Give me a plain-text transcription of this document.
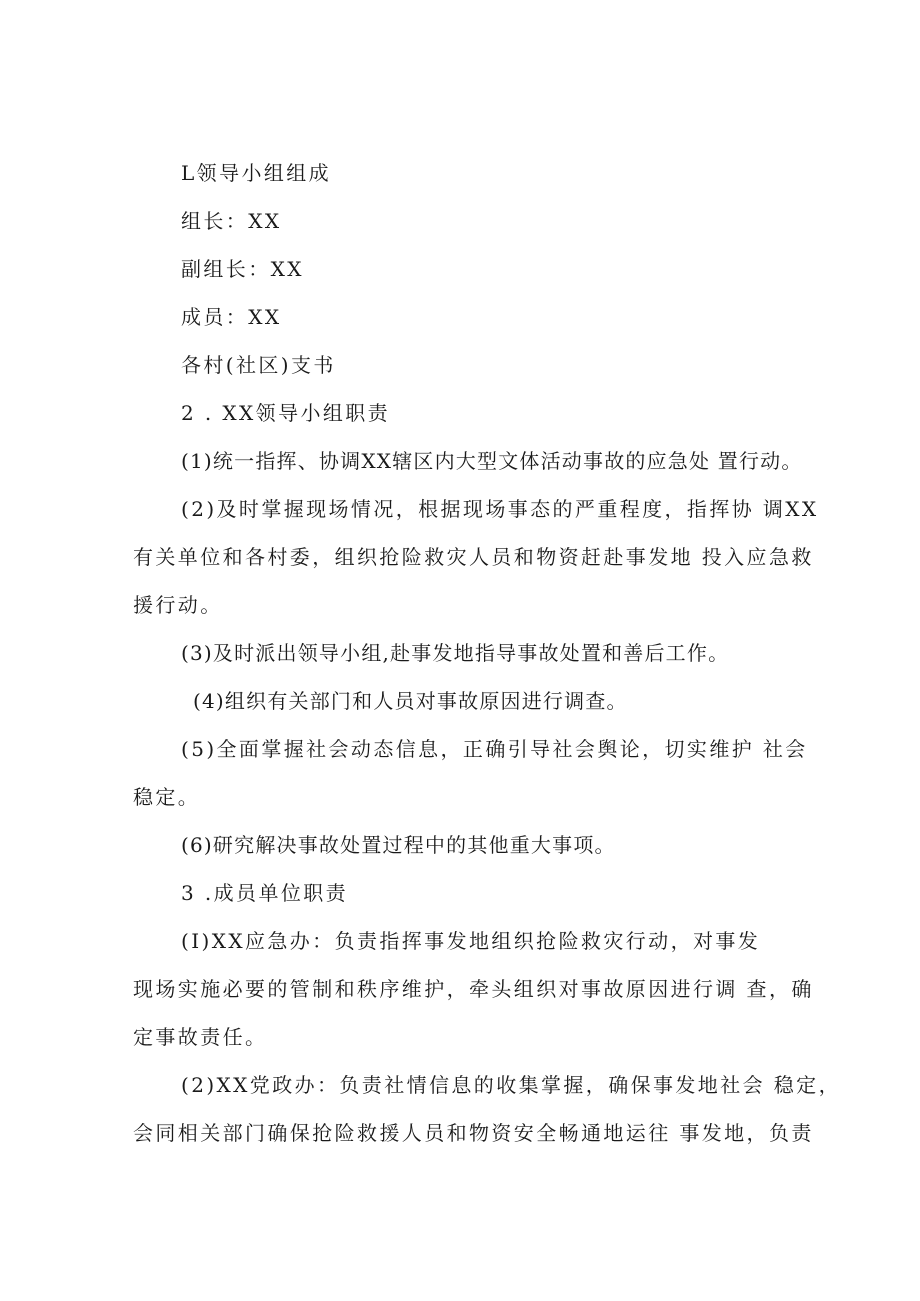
L领导小组组成
组长：XX
副组长：XX
成员：XX
各村(社区)支书
2 . XX领导小组职责
(1)统一指挥、协调XX辖区内大型文体活动事故的应急处 置行动。
(2)及时掌握现场情况，根据现场事态的严重程度，指挥协 调XX
有关单位和各村委，组织抢险救灾人员和物资赶赴事发地 投入应急救
援行动。
(3)及时派出领导小组,赴事发地指导事故处置和善后工作。
(4)组织有关部门和人员对事故原因进行调查。
(5)全面掌握社会动态信息，正确引导社会舆论，切实维护 社会
稳定。
(6)研究解决事故处置过程中的其他重大事项。
3 .成员单位职责
(I)XX应急办：负责指挥事发地组织抢险救灾行动，对事发
现场实施必要的管制和秩序维护，牵头组织对事故原因进行调 查，确
定事故责任。
(2)XX党政办：负责社情信息的收集掌握，确保事发地社会 稳定，
会同相关部门确保抢险救援人员和物资安全畅通地运往 事发地，负责
